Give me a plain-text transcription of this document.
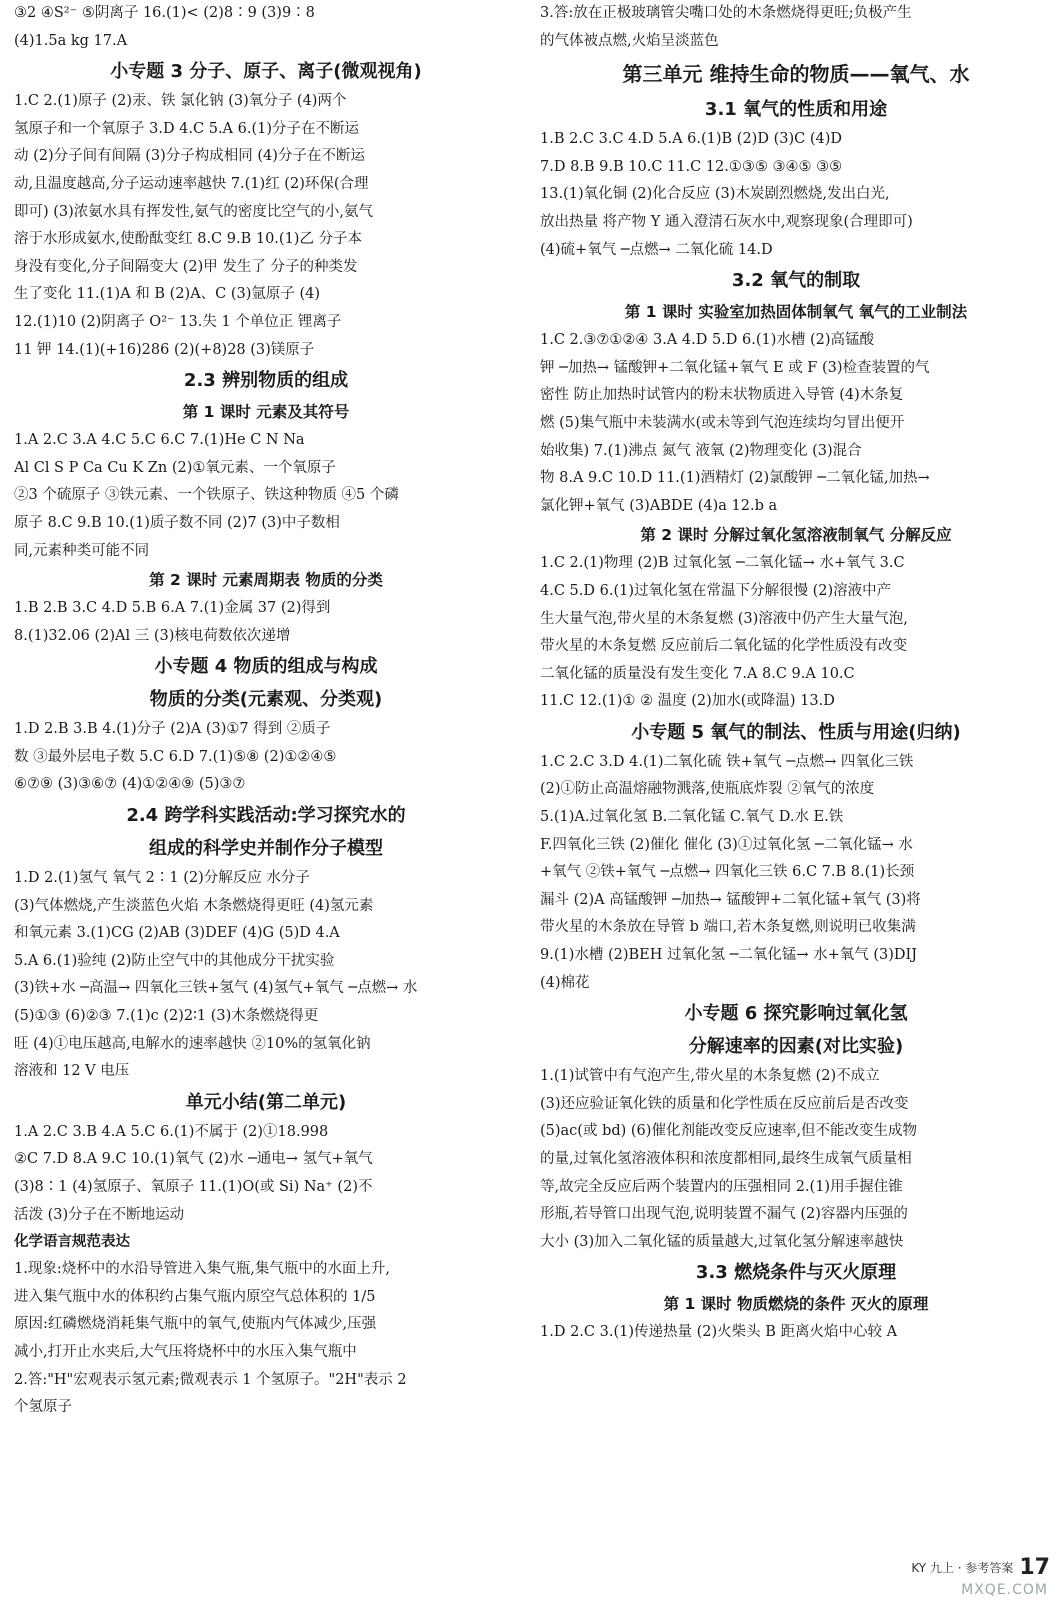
③2 ④S²⁻ ⑤阴离子 16.(1)< (2)8∶9 (3)9∶8
(4)1.5a kg 17.A
小专题 3 分子、原子、离子(微观视角)
1.C 2.(1)原子 (2)汞、铁 氯化钠 (3)氧分子 (4)两个
氢原子和一个氧原子 3.D 4.C 5.A 6.(1)分子在不断运
动 (2)分子间有间隔 (3)分子构成相同 (4)分子在不断运
动,且温度越高,分子运动速率越快 7.(1)红 (2)环保(合理
即可) (3)浓氨水具有挥发性,氨气的密度比空气的小,氨气
溶于水形成氨水,使酚酞变红 8.C 9.B 10.(1)乙 分子本
身没有变化,分子间隔变大 (2)甲 发生了 分子的种类发
生了变化 11.(1)A 和 B (2)A、C (3)氩原子 (4)
12.(1)10 (2)阴离子 O²⁻ 13.失 1 个单位正 锂离子
11 钾 14.(1)(+16)286 (2)(+8)28 (3)镁原子
2.3 辨别物质的组成
第 1 课时 元素及其符号
1.A 2.C 3.A 4.C 5.C 6.C 7.(1)He C N Na
Al Cl S P Ca Cu K Zn (2)①氧元素、一个氧原子
②3 个硫原子 ③铁元素、一个铁原子、铁这种物质 ④5 个磷
原子 8.C 9.B 10.(1)质子数不同 (2)7 (3)中子数相
同,元素种类可能不同
第 2 课时 元素周期表 物质的分类
1.B 2.B 3.C 4.D 5.B 6.A 7.(1)金属 37 (2)得到
8.(1)32.06 (2)Al 三 (3)核电荷数依次递增
小专题 4 物质的组成与构成
物质的分类(元素观、分类观)
1.D 2.B 3.B 4.(1)分子 (2)A (3)①7 得到 ②质子
数 ③最外层电子数 5.C 6.D 7.(1)⑤⑧ (2)①②④⑤
⑥⑦⑨ (3)③⑥⑦ (4)①②④⑨ (5)③⑦
2.4 跨学科实践活动:学习探究水的
组成的科学史并制作分子模型
1.D 2.(1)氢气 氧气 2∶1 (2)分解反应 水分子
(3)气体燃烧,产生淡蓝色火焰 木条燃烧得更旺 (4)氢元素
和氧元素 3.(1)CG (2)AB (3)DEF (4)G (5)D 4.A
5.A 6.(1)验纯 (2)防止空气中的其他成分干扰实验
(3)铁+水 ─高温→ 四氧化三铁+氢气 (4)氢气+氧气 ─点燃→ 水
(5)①③ (6)②③ 7.(1)c (2)2∶1 (3)木条燃烧得更
旺 (4)①电压越高,电解水的速率越快 ②10%的氢氧化钠
溶液和 12 V 电压
单元小结(第二单元)
1.A 2.C 3.B 4.A 5.C 6.(1)不属于 (2)①18.998
②C 7.D 8.A 9.C 10.(1)氧气 (2)水 ─通电→ 氢气+氧气
(3)8∶1 (4)氢原子、氧原子 11.(1)O(或 Si) Na⁺ (2)不
活泼 (3)分子在不断地运动
化学语言规范表达
1.现象:烧杯中的水沿导管进入集气瓶,集气瓶中的水面上升,
进入集气瓶中水的体积约占集气瓶内原空气总体积的 1/5
原因:红磷燃烧消耗集气瓶中的氧气,使瓶内气体减少,压强
减小,打开止水夹后,大气压将烧杯中的水压入集气瓶中
2.答:"H"宏观表示氢元素;微观表示 1 个氢原子。"2H"表示 2
个氢原子
3.答:放在正极玻璃管尖嘴口处的木条燃烧得更旺;负极产生
的气体被点燃,火焰呈淡蓝色
第三单元 维持生命的物质——氧气、水
3.1 氧气的性质和用途
1.B 2.C 3.C 4.D 5.A 6.(1)B (2)D (3)C (4)D
7.D 8.B 9.B 10.C 11.C 12.①③⑤ ③④⑤ ③⑤
13.(1)氧化铜 (2)化合反应 (3)木炭剧烈燃烧,发出白光,
放出热量 将产物 Y 通入澄清石灰水中,观察现象(合理即可)
(4)硫+氧气 ─点燃→ 二氧化硫 14.D
3.2 氧气的制取
第 1 课时 实验室加热固体制氧气 氧气的工业制法
1.C 2.③⑦①②④ 3.A 4.D 5.D 6.(1)水槽 (2)高锰酸
钾 ─加热→ 锰酸钾+二氧化锰+氧气 E 或 F (3)检查装置的气
密性 防止加热时试管内的粉末状物质进入导管 (4)木条复
燃 (5)集气瓶中未装满水(或未等到气泡连续均匀冒出便开
始收集) 7.(1)沸点 氮气 液氧 (2)物理变化 (3)混合
物 8.A 9.C 10.D 11.(1)酒精灯 (2)氯酸钾 ─二氧化锰,加热→
氯化钾+氧气 (3)ABDE (4)a 12.b a
第 2 课时 分解过氧化氢溶液制氧气 分解反应
1.C 2.(1)物理 (2)B 过氧化氢 ─二氧化锰→ 水+氧气 3.C
4.C 5.D 6.(1)过氧化氢在常温下分解很慢 (2)溶液中产
生大量气泡,带火星的木条复燃 (3)溶液中仍产生大量气泡,
带火星的木条复燃 反应前后二氧化锰的化学性质没有改变
二氧化锰的质量没有发生变化 7.A 8.C 9.A 10.C
11.C 12.(1)① ② 温度 (2)加水(或降温) 13.D
小专题 5 氧气的制法、性质与用途(归纳)
1.C 2.C 3.D 4.(1)二氧化硫 铁+氧气 ─点燃→ 四氧化三铁
(2)①防止高温熔融物溅落,使瓶底炸裂 ②氧气的浓度
5.(1)A.过氧化氢 B.二氧化锰 C.氧气 D.水 E.铁
F.四氧化三铁 (2)催化 催化 (3)①过氧化氢 ─二氧化锰→ 水
+氧气 ②铁+氧气 ─点燃→ 四氧化三铁 6.C 7.B 8.(1)长颈
漏斗 (2)A 高锰酸钾 ─加热→ 锰酸钾+二氧化锰+氧气 (3)将
带火星的木条放在导管 b 端口,若木条复燃,则说明已收集满
9.(1)水槽 (2)BEH 过氧化氢 ─二氧化锰→ 水+氧气 (3)DIJ
(4)棉花
小专题 6 探究影响过氧化氢
分解速率的因素(对比实验)
1.(1)试管中有气泡产生,带火星的木条复燃 (2)不成立
(3)还应验证氧化铁的质量和化学性质在反应前后是否改变
(5)ac(或 bd) (6)催化剂能改变反应速率,但不能改变生成物
的量,过氧化氢溶液体积和浓度都相同,最终生成氧气质量相
等,故完全反应后两个装置内的压强相同 2.(1)用手握住锥
形瓶,若导管口出现气泡,说明装置不漏气 (2)容器内压强的
大小 (3)加入二氧化锰的质量越大,过氧化氢分解速率越快
3.3 燃烧条件与灭火原理
第 1 课时 物质燃烧的条件 灭火的原理
1.D 2.C 3.(1)传递热量 (2)火柴头 B 距离火焰中心较 A
KY 九上 · 参考答案 17
MXQE.COM
